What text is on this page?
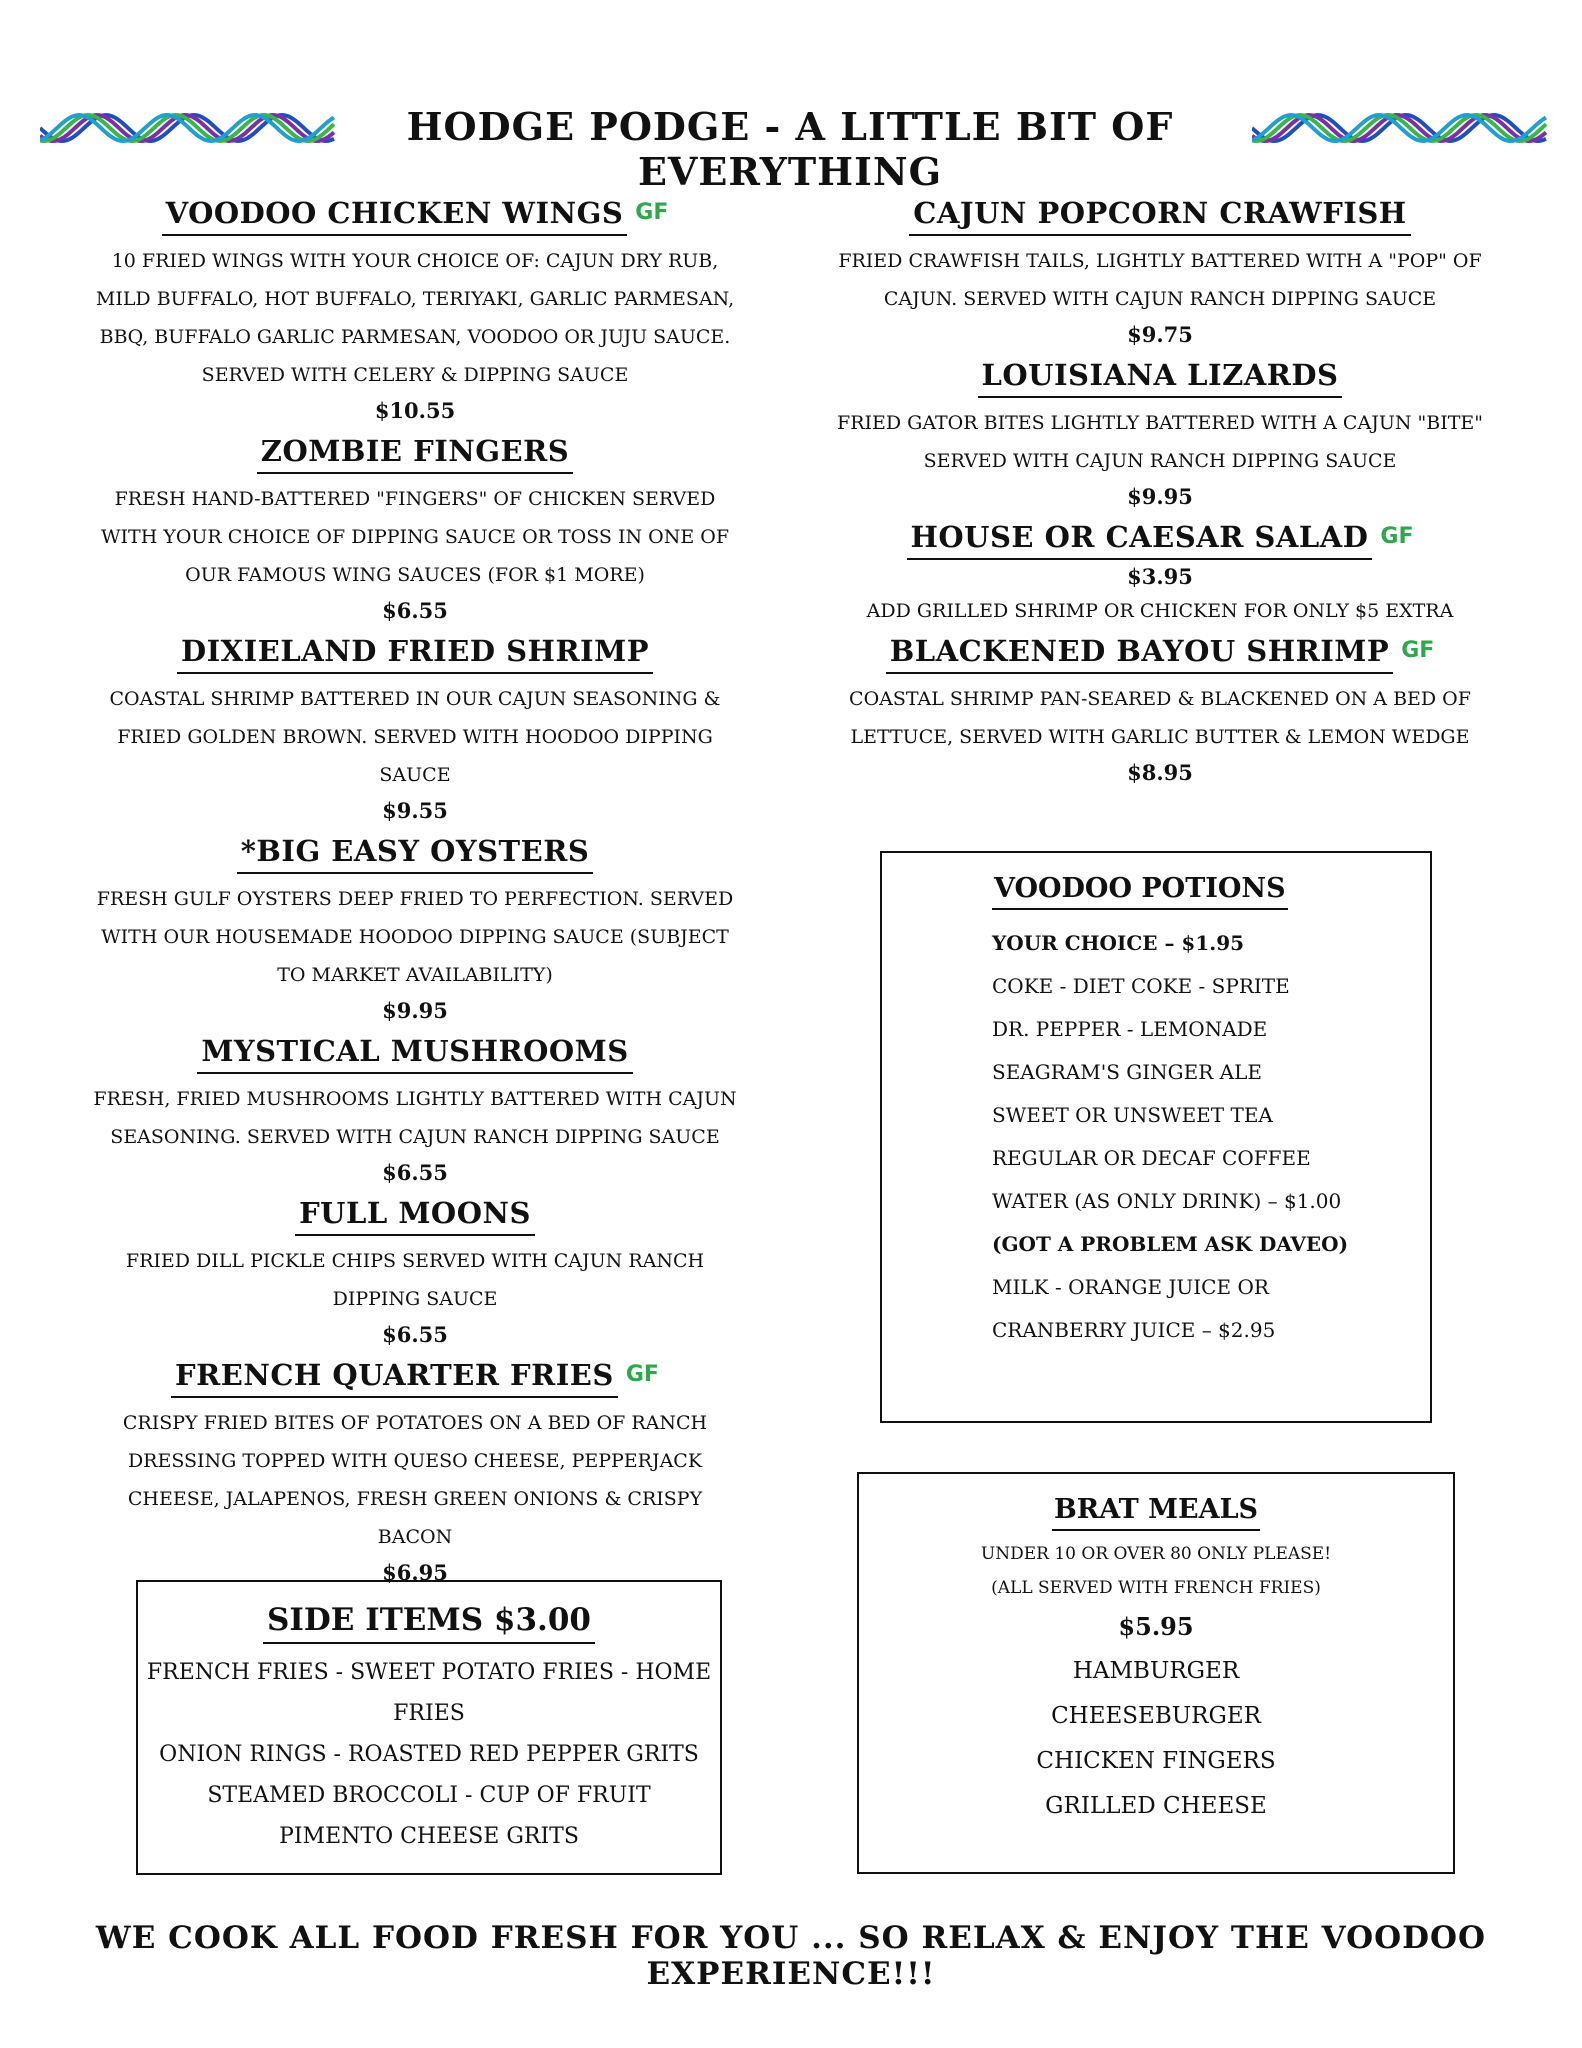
HODGE PODGE - A LITTLE BIT OF EVERYTHING
VOODOO CHICKEN WINGS GF
10 FRIED WINGS WITH YOUR CHOICE OF: CAJUN DRY RUB, MILD BUFFALO, HOT BUFFALO, TERIYAKI, GARLIC PARMESAN, BBQ, BUFFALO GARLIC PARMESAN, VOODOO OR JUJU SAUCE. SERVED WITH CELERY & DIPPING SAUCE
$10.55
ZOMBIE FINGERS
FRESH HAND-BATTERED "FINGERS" OF CHICKEN SERVED WITH YOUR CHOICE OF DIPPING SAUCE OR TOSS IN ONE OF OUR FAMOUS WING SAUCES (FOR $1 MORE)
$6.55
DIXIELAND FRIED SHRIMP
COASTAL SHRIMP BATTERED IN OUR CAJUN SEASONING & FRIED GOLDEN BROWN. SERVED WITH HOODOO DIPPING SAUCE
$9.55
*BIG EASY OYSTERS
FRESH GULF OYSTERS DEEP FRIED TO PERFECTION. SERVED WITH OUR HOUSEMADE HOODOO DIPPING SAUCE (SUBJECT TO MARKET AVAILABILITY)
$9.95
MYSTICAL MUSHROOMS
FRESH, FRIED MUSHROOMS LIGHTLY BATTERED WITH CAJUN SEASONING. SERVED WITH CAJUN RANCH DIPPING SAUCE
$6.55
FULL MOONS
FRIED DILL PICKLE CHIPS SERVED WITH CAJUN RANCH DIPPING SAUCE
$6.55
FRENCH QUARTER FRIES GF
CRISPY FRIED BITES OF POTATOES ON A BED OF RANCH DRESSING TOPPED WITH QUESO CHEESE, PEPPERJACK CHEESE, JALAPENOS, FRESH GREEN ONIONS & CRISPY BACON
$6.95
CAJUN POPCORN CRAWFISH
FRIED CRAWFISH TAILS, LIGHTLY BATTERED WITH A "POP" OF CAJUN. SERVED WITH CAJUN RANCH DIPPING SAUCE
$9.75
LOUISIANA LIZARDS
FRIED GATOR BITES LIGHTLY BATTERED WITH A CAJUN "BITE" SERVED WITH CAJUN RANCH DIPPING SAUCE
$9.95
HOUSE OR CAESAR SALAD GF
$3.95
ADD GRILLED SHRIMP OR CHICKEN FOR ONLY $5 EXTRA
BLACKENED BAYOU SHRIMP GF
COASTAL SHRIMP PAN-SEARED & BLACKENED ON A BED OF LETTUCE, SERVED WITH GARLIC BUTTER & LEMON WEDGE
$8.95
SIDE ITEMS $3.00
FRENCH FRIES - SWEET POTATO FRIES - HOME FRIES
ONION RINGS - ROASTED RED PEPPER GRITS
STEAMED BROCCOLI - CUP OF FRUIT
PIMENTO CHEESE GRITS
VOODOO POTIONS
YOUR CHOICE – $1.95
COKE - DIET COKE - SPRITE
DR. PEPPER - LEMONADE
SEAGRAM'S GINGER ALE
SWEET OR UNSWEET TEA
REGULAR OR DECAF COFFEE
WATER (AS ONLY DRINK) – $1.00
(GOT A PROBLEM ASK DAVEO)
MILK - ORANGE JUICE OR
CRANBERRY JUICE – $2.95
BRAT MEALS
UNDER 10 OR OVER 80 ONLY PLEASE!
(ALL SERVED WITH FRENCH FRIES)
$5.95
HAMBURGER
CHEESEBURGER
CHICKEN FINGERS
GRILLED CHEESE
WE COOK ALL FOOD FRESH FOR YOU ... SO RELAX & ENJOY THE VOODOO EXPERIENCE!!!
